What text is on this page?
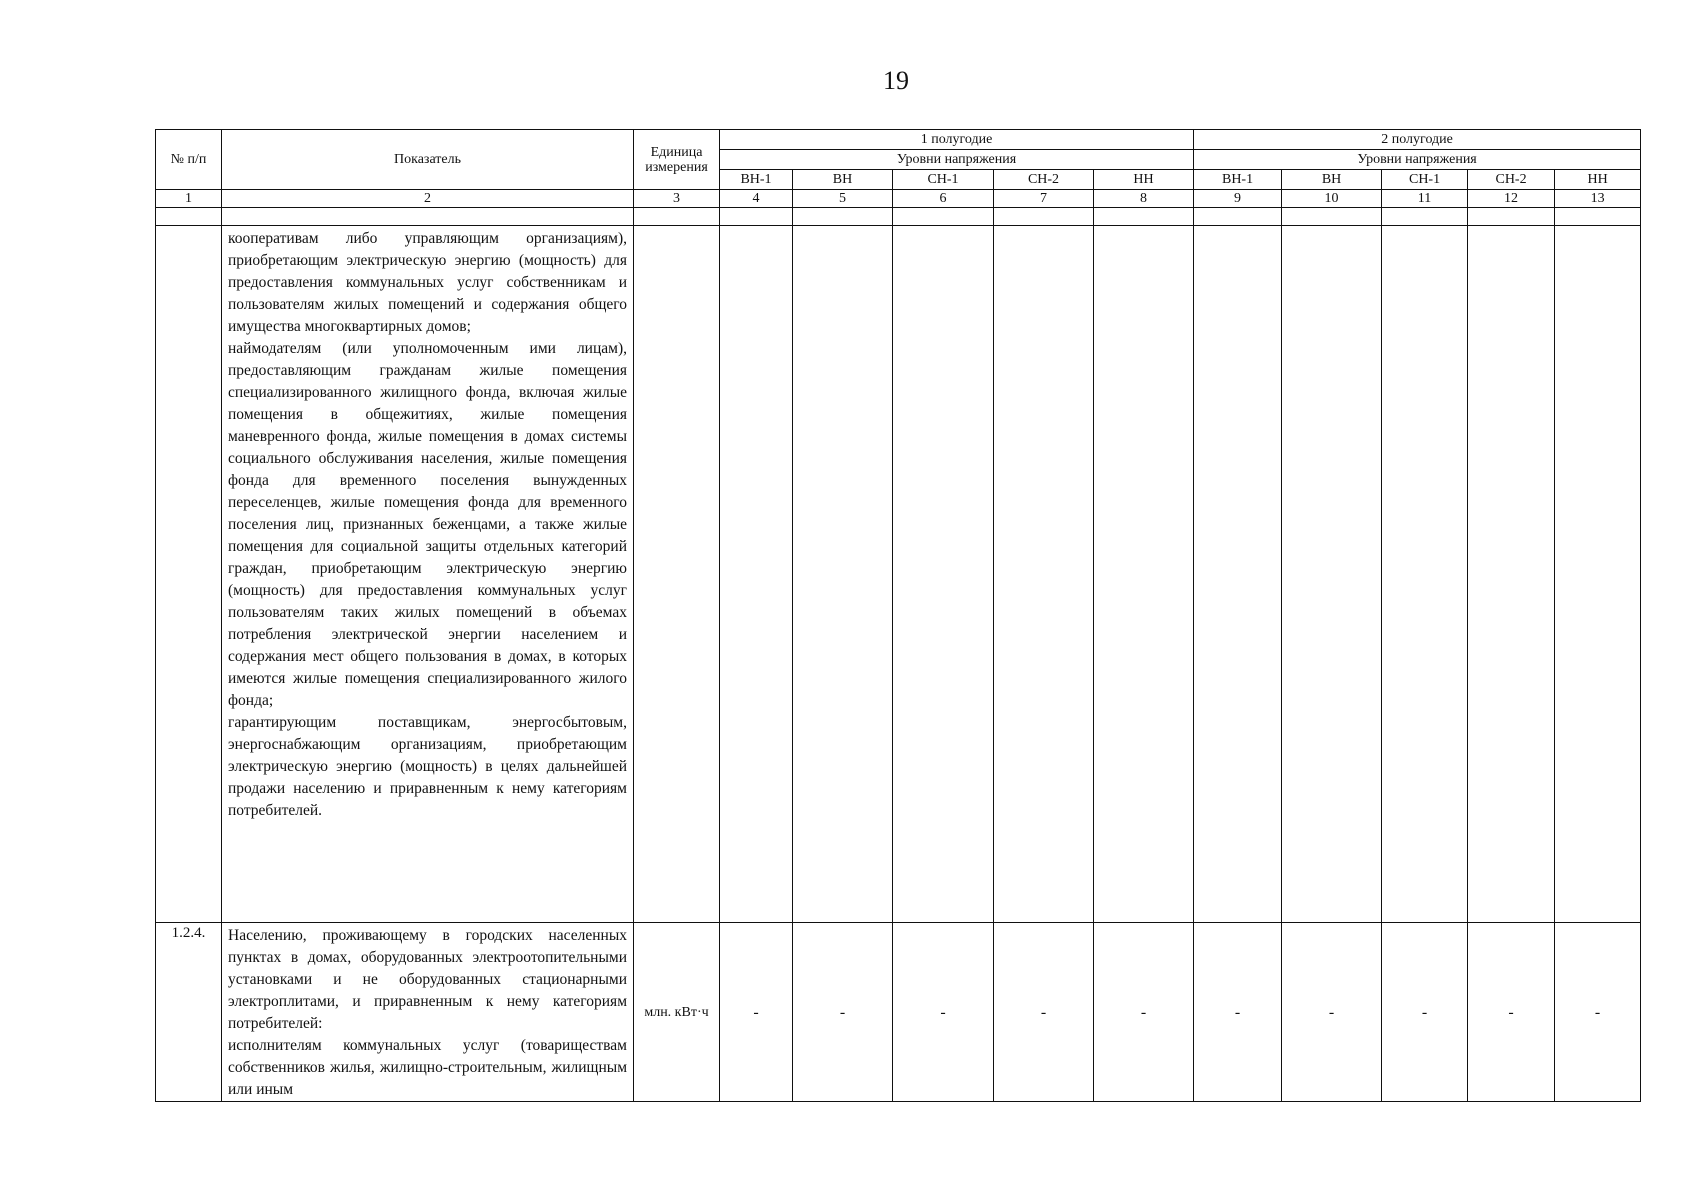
19
№ п/п	Показатель	Единица измерения	1 полугодие					2 полугодие				
			Уровни напряжения					Уровни напряжения				
			ВН-1	ВН	СН-1	СН-2	НН	ВН-1	ВН	СН-1	СН-2	НН
1	2	3	4	5	6	7	8	9	10	11	12	13

	кооперативам либо управляющим организациям), приобретающим электрическую энергию (мощность) для предоставления коммунальных услуг собственникам и пользователям жилых помещений и содержания общего имущества многоквартирных домов;
наймодателям (или уполномоченным ими лицам), предоставляющим гражданам жилые помещения специализированного жилищного фонда, включая жилые помещения в общежитиях, жилые помещения маневренного фонда, жилые помещения в домах системы социального обслуживания населения, жилые помещения фонда для временного поселения вынужденных переселенцев, жилые помещения фонда для временного поселения лиц, признанных беженцами, а также жилые помещения для социальной защиты отдельных категорий граждан, приобретающим электрическую энергию (мощность) для предоставления коммунальных услуг пользователям таких жилых помещений в объемах потребления электрической энергии населением и содержания мест общего пользования в домах, в которых имеются жилые помещения специализированного жилого фонда;
гарантирующим поставщикам, энергосбытовым, энергоснабжающим организациям, приобретающим электрическую энергию (мощность) в целях дальнейшей продажи населению и приравненным к нему категориям потребителей.											

1.2.4.	Населению, проживающему в городских населенных пунктах в домах, оборудованных электроотопительными установками и не оборудованных стационарными электроплитами, и приравненным к нему категориям потребителей:
исполнителям коммунальных услуг (товариществам собственников жилья, жилищно-строительным, жилищным или иным	млн. кВт·ч	-	-	-	-	-	-	-	-	-	-
